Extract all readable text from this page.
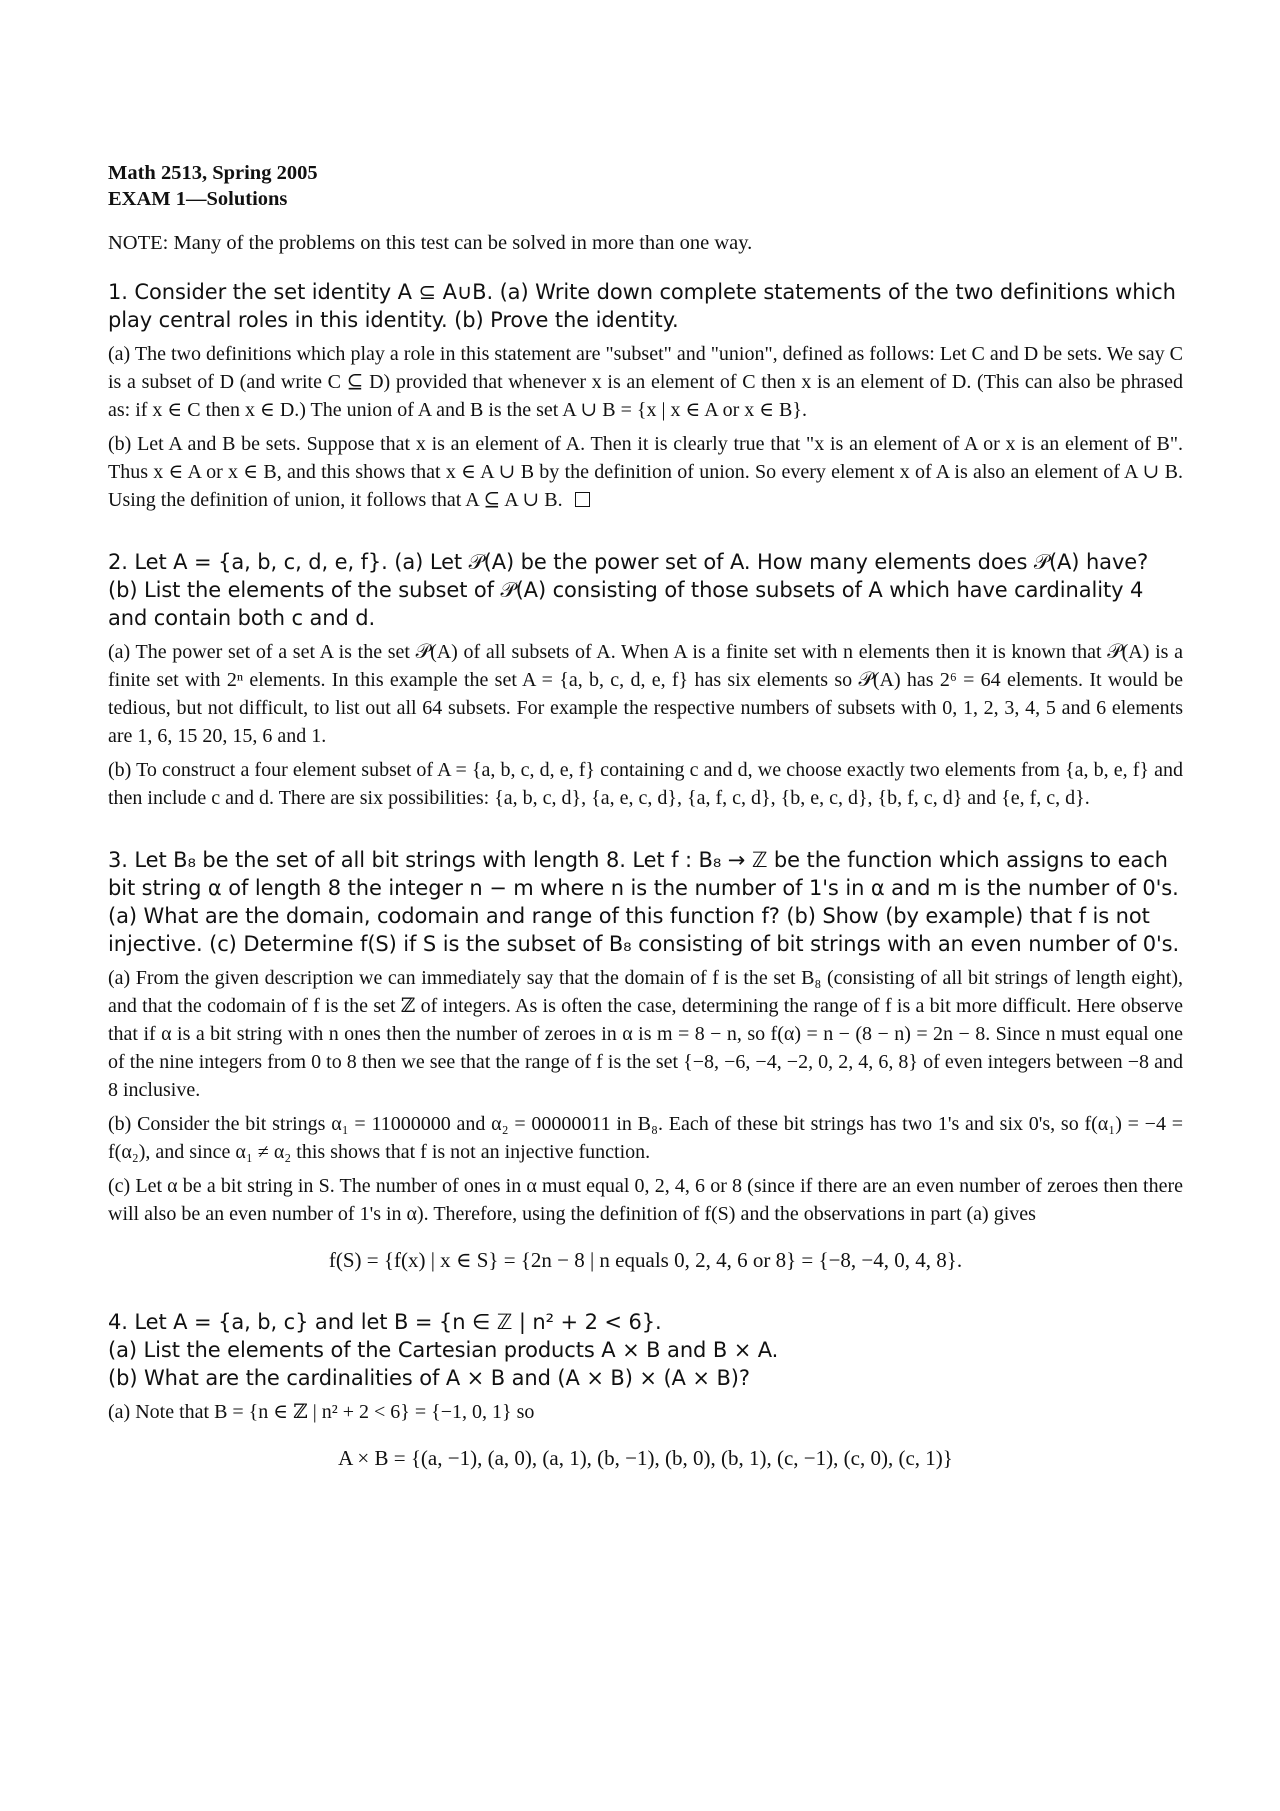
Math 2513, Spring 2005
EXAM 1—Solutions
NOTE: Many of the problems on this test can be solved in more than one way.
1. Consider the set identity A ⊆ A∪B. (a) Write down complete statements of the two definitions which play central roles in this identity. (b) Prove the identity.
(a) The two definitions which play a role in this statement are "subset" and "union", defined as follows: Let C and D be sets. We say C is a subset of D (and write C ⊆ D) provided that whenever x is an element of C then x is an element of D. (This can also be phrased as: if x ∈ C then x ∈ D.) The union of A and B is the set A ∪ B = {x | x ∈ A or x ∈ B}.
(b) Let A and B be sets. Suppose that x is an element of A. Then it is clearly true that "x is an element of A or x is an element of B". Thus x ∈ A or x ∈ B, and this shows that x ∈ A ∪ B by the definition of union. So every element x of A is also an element of A ∪ B. Using the definition of union, it follows that A ⊆ A ∪ B.
2. Let A = {a, b, c, d, e, f}. (a) Let 𝒫(A) be the power set of A. How many elements does 𝒫(A) have? (b) List the elements of the subset of 𝒫(A) consisting of those subsets of A which have cardinality 4 and contain both c and d.
(a) The power set of a set A is the set 𝒫(A) of all subsets of A. When A is a finite set with n elements then it is known that 𝒫(A) is a finite set with 2ⁿ elements. In this example the set A = {a, b, c, d, e, f} has six elements so 𝒫(A) has 2⁶ = 64 elements. It would be tedious, but not difficult, to list out all 64 subsets. For example the respective numbers of subsets with 0, 1, 2, 3, 4, 5 and 6 elements are 1, 6, 15 20, 15, 6 and 1.
(b) To construct a four element subset of A = {a, b, c, d, e, f} containing c and d, we choose exactly two elements from {a, b, e, f} and then include c and d. There are six possibilities: {a, b, c, d}, {a, e, c, d}, {a, f, c, d}, {b, e, c, d}, {b, f, c, d} and {e, f, c, d}.
3. Let B₈ be the set of all bit strings with length 8. Let f : B₈ → ℤ be the function which assigns to each bit string α of length 8 the integer n − m where n is the number of 1's in α and m is the number of 0's. (a) What are the domain, codomain and range of this function f? (b) Show (by example) that f is not injective. (c) Determine f(S) if S is the subset of B₈ consisting of bit strings with an even number of 0's.
(a) From the given description we can immediately say that the domain of f is the set B₈ (consisting of all bit strings of length eight), and that the codomain of f is the set ℤ of integers. As is often the case, determining the range of f is a bit more difficult. Here observe that if α is a bit string with n ones then the number of zeroes in α is m = 8 − n, so f(α) = n − (8 − n) = 2n − 8. Since n must equal one of the nine integers from 0 to 8 then we see that the range of f is the set {−8, −6, −4, −2, 0, 2, 4, 6, 8} of even integers between −8 and 8 inclusive.
(b) Consider the bit strings α₁ = 11000000 and α₂ = 00000011 in B₈. Each of these bit strings has two 1's and six 0's, so f(α₁) = −4 = f(α₂), and since α₁ ≠ α₂ this shows that f is not an injective function.
(c) Let α be a bit string in S. The number of ones in α must equal 0, 2, 4, 6 or 8 (since if there are an even number of zeroes then there will also be an even number of 1's in α). Therefore, using the definition of f(S) and the observations in part (a) gives
f(S) = {f(x) | x ∈ S} = {2n − 8 | n equals 0, 2, 4, 6 or 8} = {−8, −4, 0, 4, 8}.
4. Let A = {a, b, c} and let B = {n ∈ ℤ | n² + 2 < 6}.
(a) List the elements of the Cartesian products A × B and B × A.
(b) What are the cardinalities of A × B and (A × B) × (A × B)?
(a) Note that B = {n ∈ ℤ | n² + 2 < 6} = {−1, 0, 1} so
A × B = {(a, −1), (a, 0), (a, 1), (b, −1), (b, 0), (b, 1), (c, −1), (c, 0), (c, 1)}
